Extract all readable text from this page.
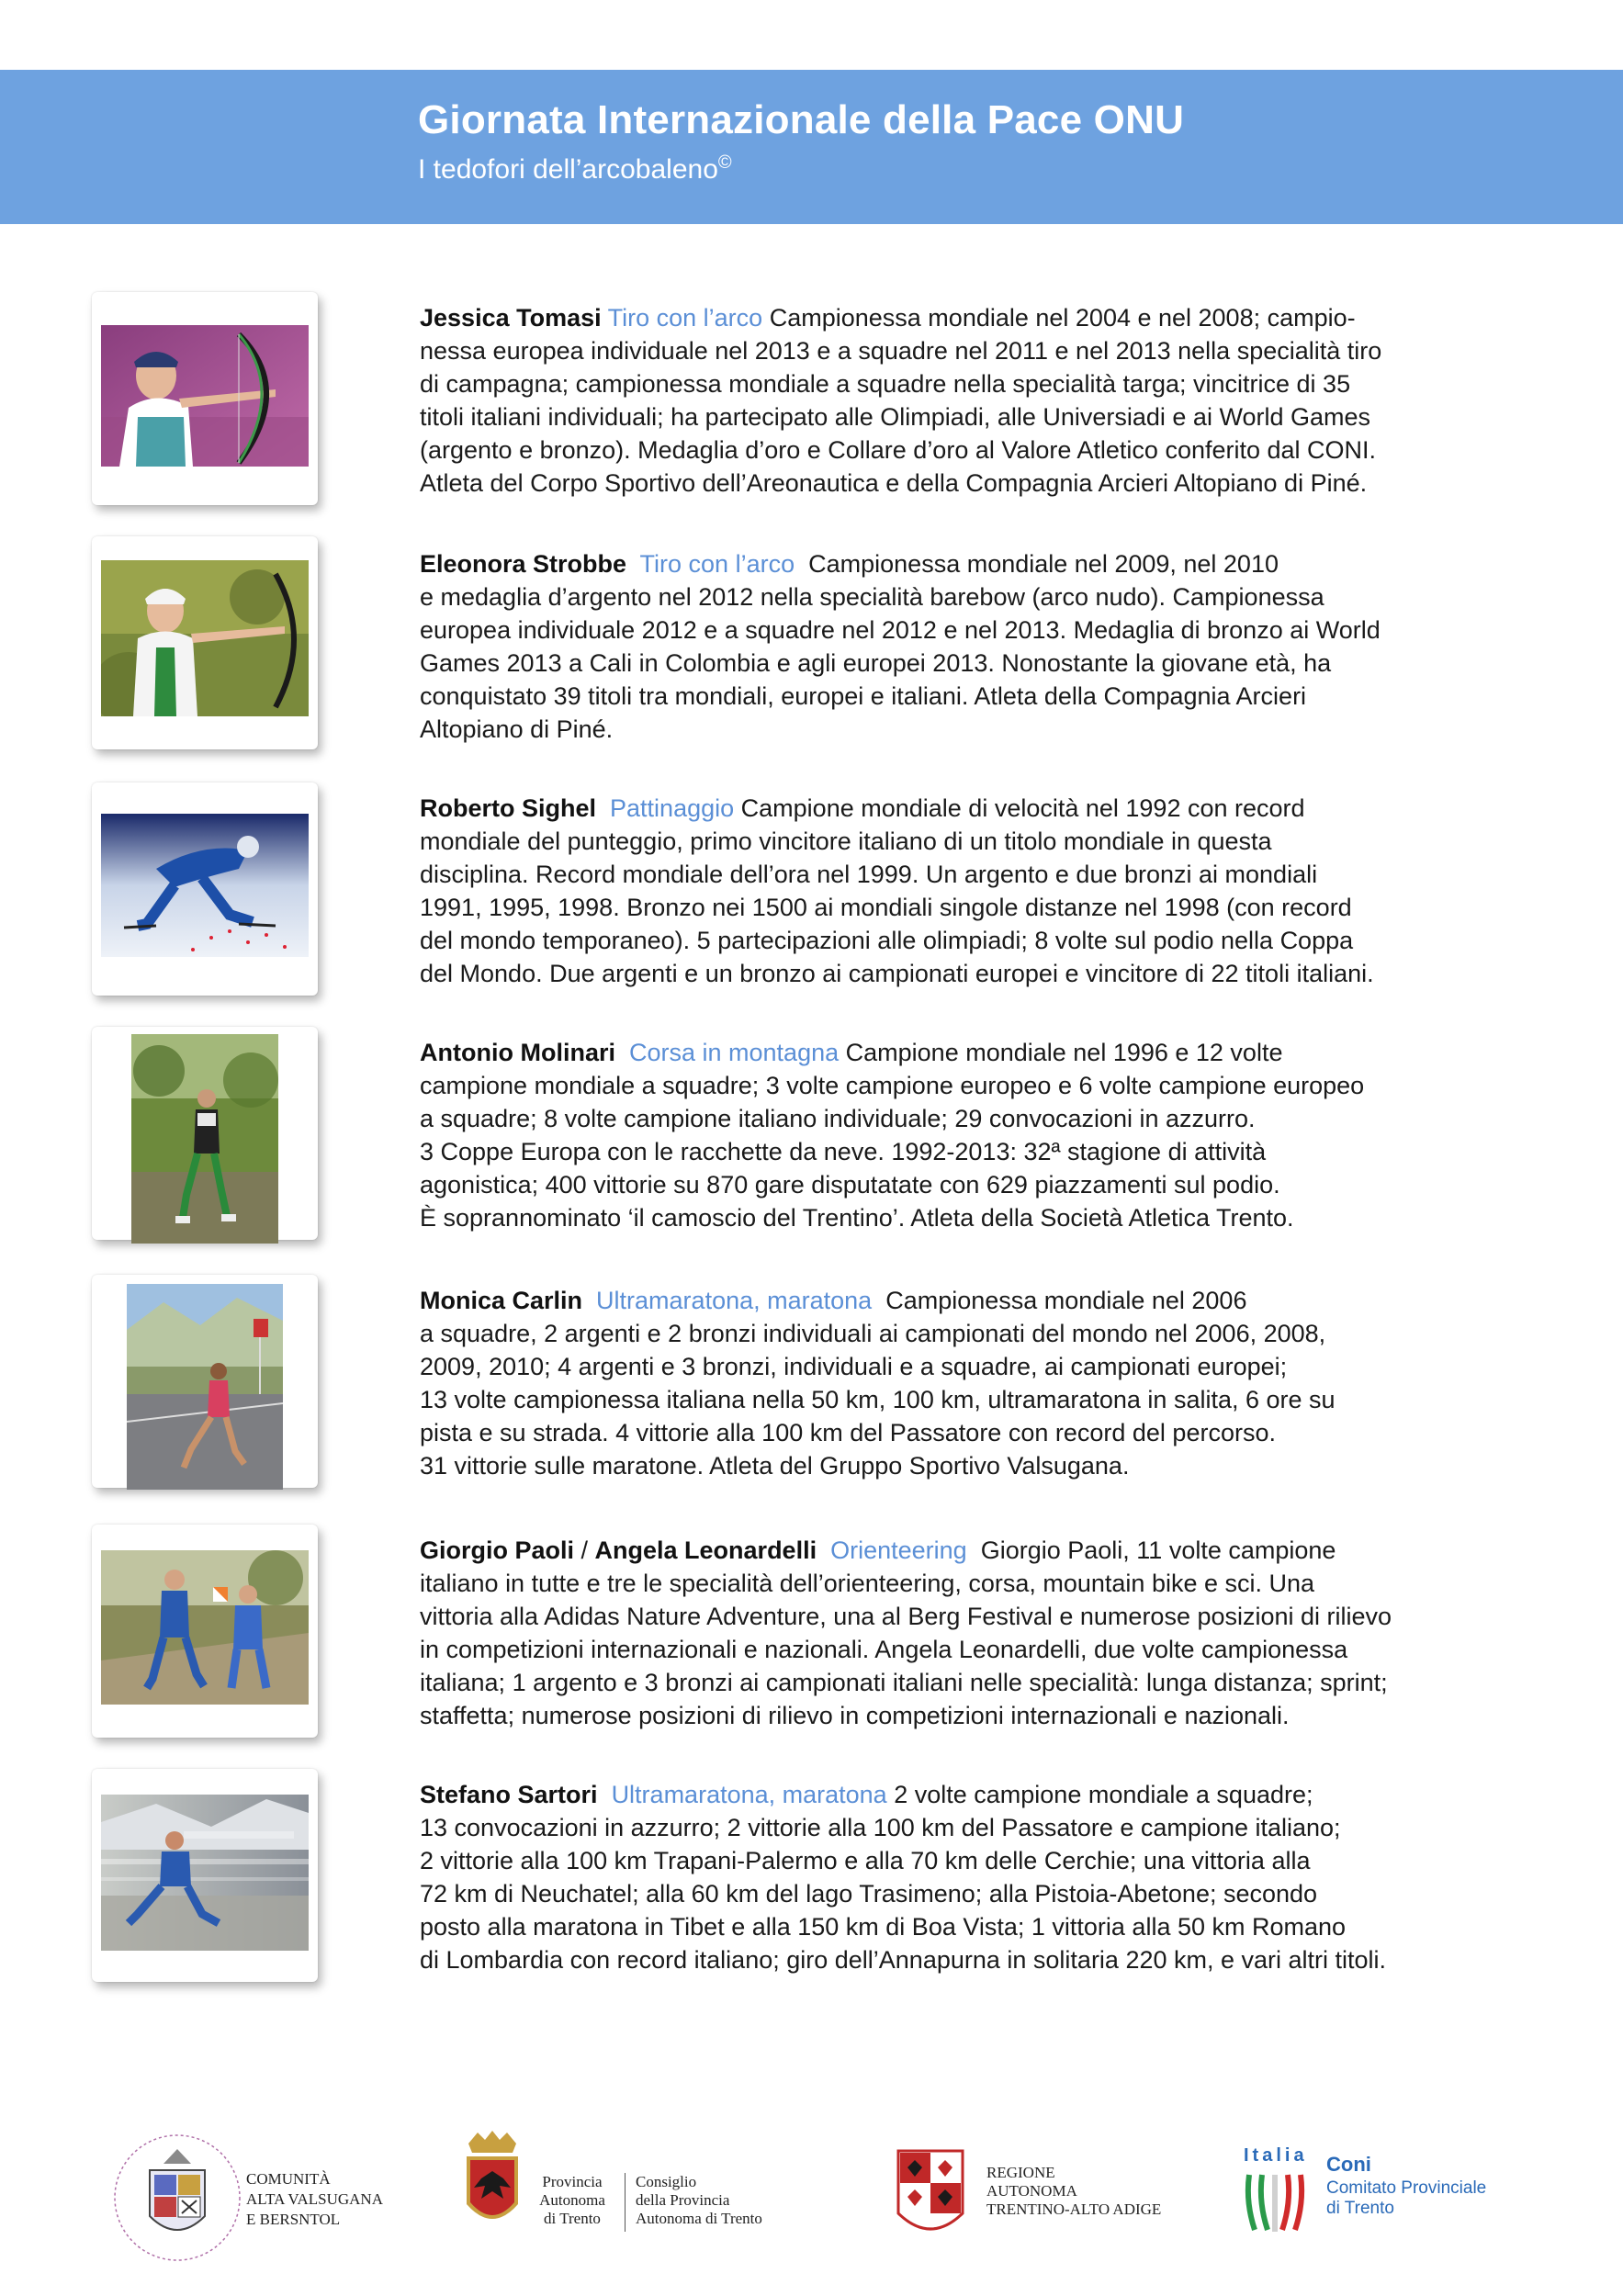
Giornata Internazionale della Pace ONU
I tedofori dell’arcobaleno©

Jessica Tomasi Tiro con l’arco Campionessa mondiale nel 2004 e nel 2008; campio-

nessa europea individuale nel 2013 e a squadre nel 2011 e nel 2013 nella specialità tiro

di campagna; campionessa mondiale a squadre nella specialità targa; vincitrice di 35

titoli italiani individuali; ha partecipato alle Olimpiadi, alle Universiadi e ai World Games

(argento e bronzo). Medaglia d’oro e Collare d’oro al Valore Atletico conferito dal CONI.

Atleta del Corpo Sportivo dell’Areonautica e della Compagnia Arcieri Altopiano di Piné.

Eleonora Strobbe Tiro con l’arco Campionessa mondiale nel 2009, nel 2010

e medaglia d’argento nel 2012 nella specialità barebow (arco nudo). Campionessa

europea individuale 2012 e a squadre nel 2012 e nel 2013. Medaglia di bronzo ai World

Games 2013 a Cali in Colombia e agli europei 2013. Nonostante la giovane età, ha

conquistato 39 titoli tra mondiali, europei e italiani. Atleta della Compagnia Arcieri

Altopiano di Piné.

Roberto Sighel Pattinaggio Campione mondiale di velocità nel 1992 con record

mondiale del punteggio, primo vincitore italiano di un titolo mondiale in questa

disciplina. Record mondiale dell’ora nel 1999. Un argento e due bronzi ai mondiali

1991, 1995, 1998. Bronzo nei 1500 ai mondiali singole distanze nel 1998 (con record

del mondo temporaneo). 5 partecipazioni alle olimpiadi; 8 volte sul podio nella Coppa

del Mondo. Due argenti e un bronzo ai campionati europei e vincitore di 22 titoli italiani.

Antonio Molinari Corsa in montagna Campione mondiale nel 1996 e 12 volte

campione mondiale a squadre; 3 volte campione europeo e 6 volte campione europeo

a squadre; 8 volte campione italiano individuale; 29 convocazioni in azzurro.

3 Coppe Europa con le racchette da neve. 1992-2013: 32ª stagione di attività

agonistica; 400 vittorie su 870 gare disputatate con 629 piazzamenti sul podio.

È soprannominato ‘il camoscio del Trentino’. Atleta della Società Atletica Trento.

Monica Carlin Ultramaratona, maratona Campionessa mondiale nel 2006

a squadre, 2 argenti e 2 bronzi individuali ai campionati del mondo nel 2006, 2008,

2009, 2010; 4 argenti e 3 bronzi, individuali e a squadre, ai campionati europei;

13 volte campionessa italiana nella 50 km, 100 km, ultramaratona in salita, 6 ore su

pista e su strada. 4 vittorie alla 100 km del Passatore con record del percorso.

31 vittorie sulle maratone. Atleta del Gruppo Sportivo Valsugana.

Giorgio Paoli / Angela Leonardelli Orienteering Giorgio Paoli, 11 volte campione

italiano in tutte e tre le specialità dell’orienteering, corsa, mountain bike e sci. Una

vittoria alla Adidas Nature Adventure, una al Berg Festival e numerose posizioni di rilievo

in competizioni internazionali e nazionali. Angela Leonardelli, due volte campionessa

italiana; 1 argento e 3 bronzi ai campionati italiani nelle specialità: lunga distanza; sprint;

staffetta; numerose posizioni di rilievo in competizioni internazionali e nazionali.

Stefano Sartori Ultramaratona, maratona 2 volte campione mondiale a squadre;

13 convocazioni in azzurro; 2 vittorie alla 100 km del Passatore e campione italiano;

2 vittorie alla 100 km Trapani-Palermo e alla 70 km delle Cerchie; una vittoria alla

72 km di Neuchatel; alla 60 km del lago Trasimeno; alla Pistoia-Abetone; secondo

posto alla maratona in Tibet e alla 150 km di Boa Vista; 1 vittoria alla 50 km Romano

di Lombardia con record italiano; giro dell’Annapurna in solitaria 220 km, e vari altri titoli.

COMUNITÀ
ALTA VALSUGANA
E BERSNTOL
Provincia
Autonoma
di Trento
Consiglio
della Provincia
Autonoma di Trento
REGIONE
AUTONOMA
TRENTINO-ALTO ADIGE
Italia Coni
Comitato Provinciale
di Trento
